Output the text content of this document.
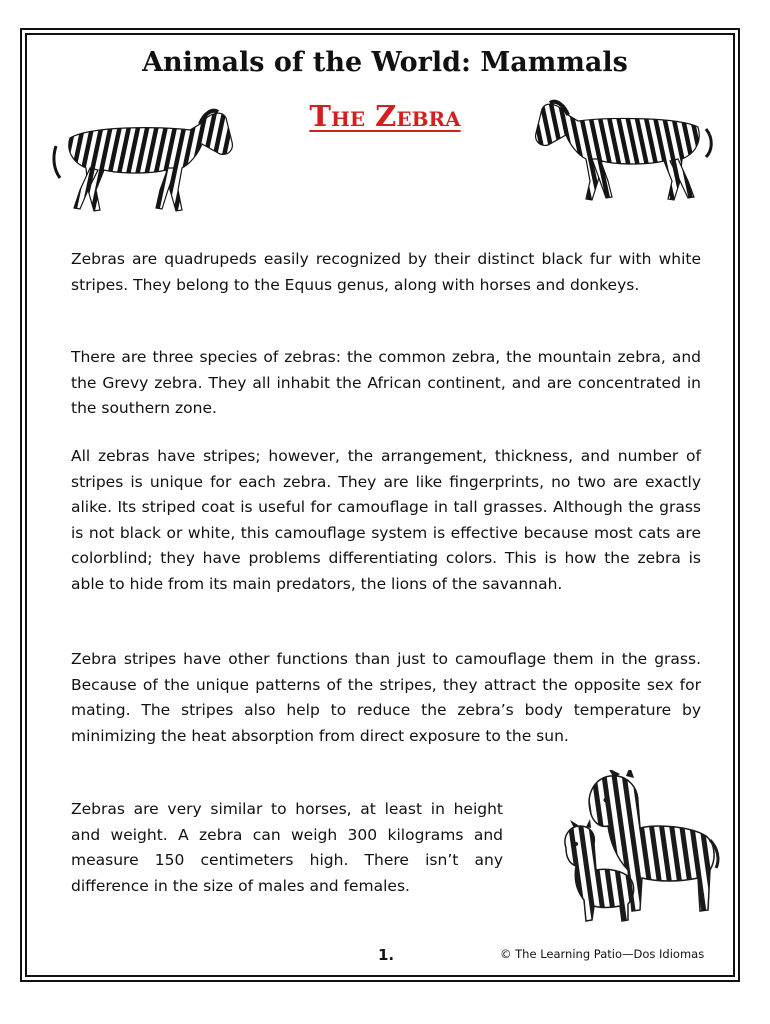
Animals of the World: Mammals
The Zebra

Zebras are quadrupeds easily recognized by their distinct black fur with white stripes. They belong to the Equus genus, along with horses and donkeys.

There are three species of zebras: the common zebra, the mountain zebra, and the Grevy zebra. They all inhabit the African continent, and are concentrated in the southern zone.

All zebras have stripes; however, the arrangement, thickness, and number of stripes is unique for each zebra. They are like fingerprints, no two are exactly alike. Its striped coat is useful for camouflage in tall grasses. Although the grass is not black or white, this camouflage system is effective because most cats are colorblind; they have problems differentiating colors. This is how the zebra is able to hide from its main predators, the lions of the savannah.

Zebra stripes have other functions than just to camouflage them in the grass. Because of the unique patterns of the stripes, they attract the opposite sex for mating. The stripes also help to reduce the zebra’s body temperature by minimizing the heat absorption from direct exposure to the sun.

Zebras are very similar to horses, at least in height and weight. A zebra can weigh 300 kilograms and measure 150 centimeters high. There isn’t any difference in the size of males and females.

1.	© The Learning Patio—Dos Idiomas
